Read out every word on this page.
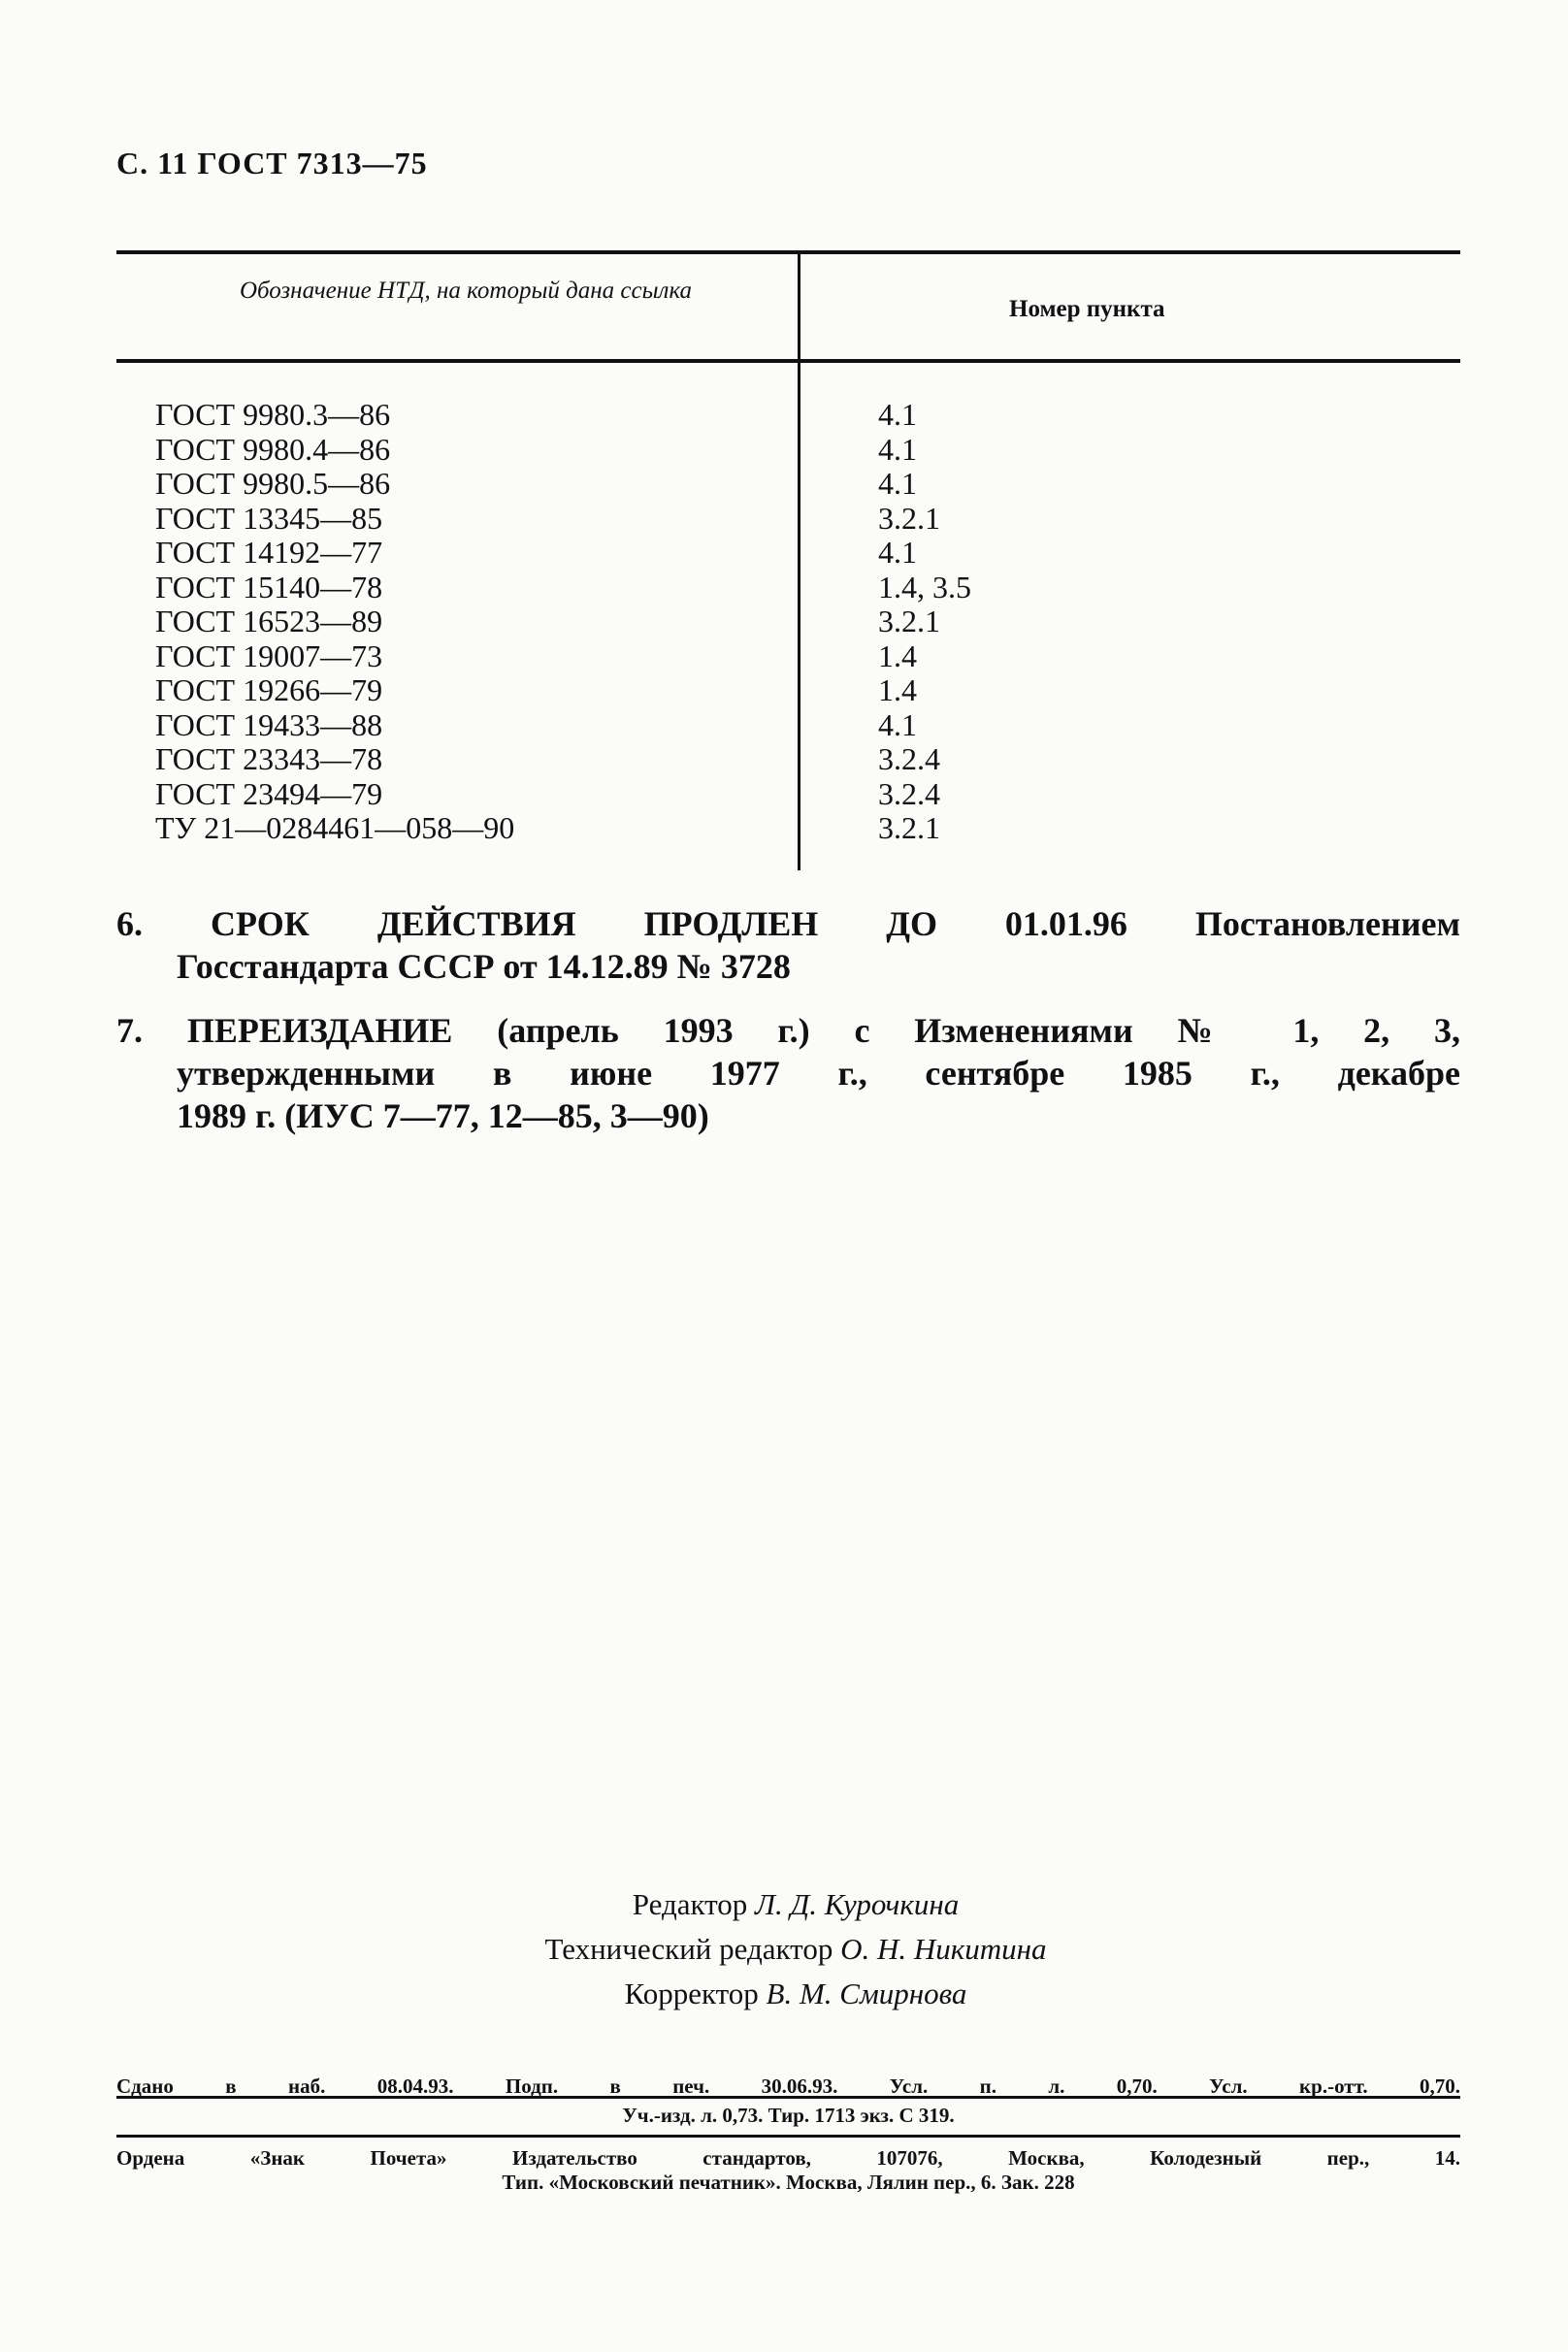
С. 11 ГОСТ 7313—75
Обозначение НТД, на который дана ссылка
Номер пункта
ГОСТ 9980.3—86
ГОСТ 9980.4—86
ГОСТ 9980.5—86
ГОСТ 13345—85
ГОСТ 14192—77
ГОСТ 15140—78
ГОСТ 16523—89
ГОСТ 19007—73
ГОСТ 19266—79
ГОСТ 19433—88
ГОСТ 23343—78
ГОСТ 23494—79
ТУ 21—0284461—058—90
4.1
4.1
4.1
3.2.1
4.1
1.4, 3.5
3.2.1
1.4
1.4
4.1
3.2.4
3.2.4
3.2.1
6. СРОК ДЕЙСТВИЯ ПРОДЛЕН ДО 01.01.96 Постановлением
Госстандарта СССР от 14.12.89 № 3728
7. ПЕРЕИЗДАНИЕ (апрель 1993 г.) с Изменениями № 1, 2, 3,
утвержденными в июне 1977 г., сентябре 1985 г., декабре
1989 г. (ИУС 7—77, 12—85, 3—90)
Редактор Л. Д. Курочкина
Технический редактор О. Н. Никитина
Корректор В. М. Смирнова
Сдано в наб. 08.04.93. Подп. в печ. 30.06.93. Усл. п. л. 0,70. Усл. кр.-отт. 0,70.
Уч.-изд. л. 0,73. Тир. 1713 экз. С 319.
Ордена «Знак Почета» Издательство стандартов, 107076, Москва, Колодезный пер., 14.
Тип. «Московский печатник». Москва, Лялин пер., 6. Зак. 228
